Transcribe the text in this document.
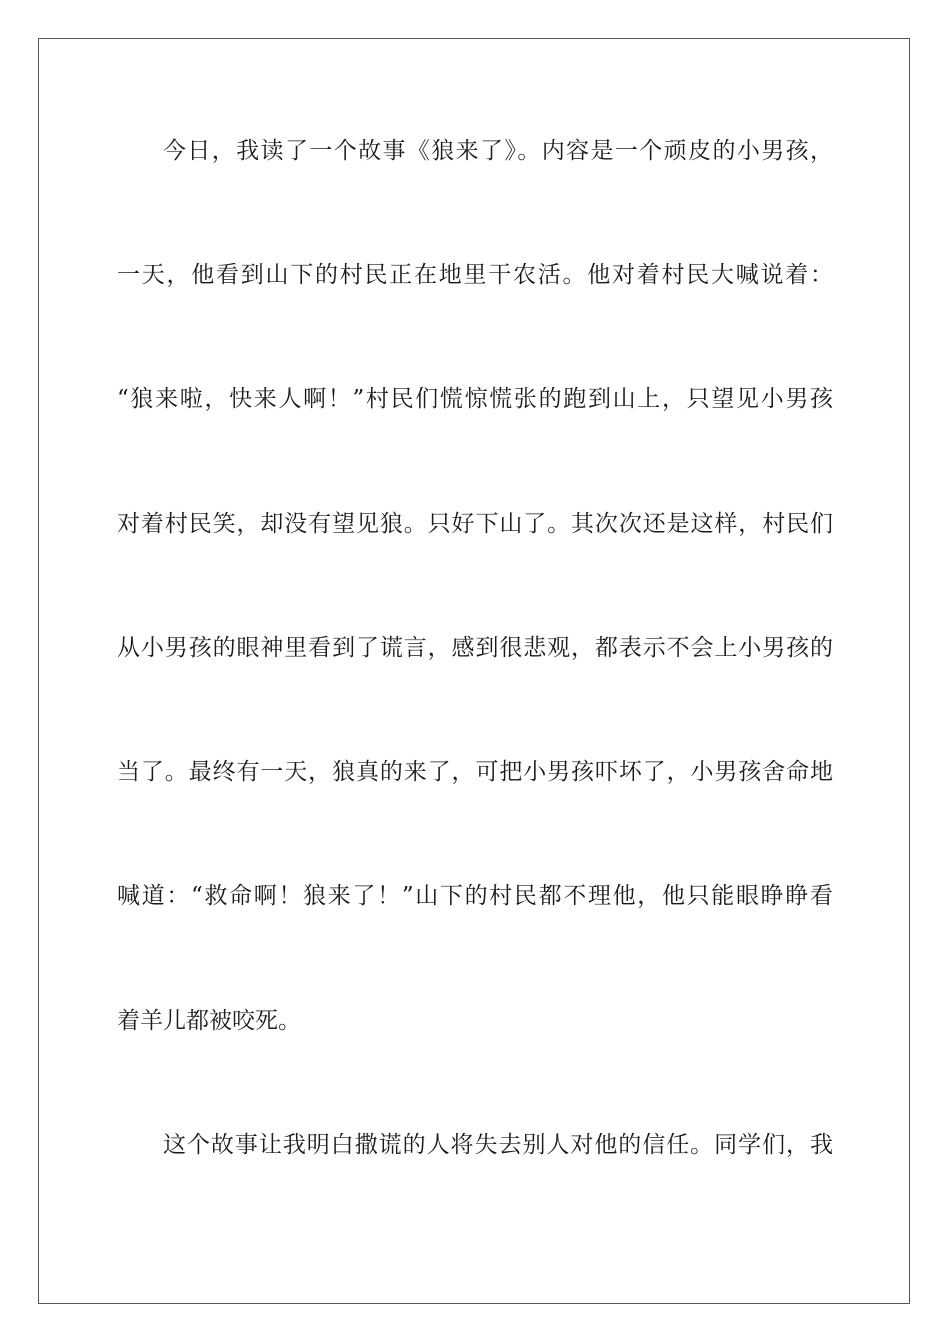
今日，我读了一个故事《狼来了》。内容是一个顽皮的小男孩，
一天，他看到山下的村民正在地里干农活。他对着村民大喊说着：
“狼来啦，快来人啊！”村民们慌惊慌张的跑到山上，只望见小男孩
对着村民笑，却没有望见狼。只好下山了。其次次还是这样，村民们
从小男孩的眼神里看到了谎言，感到很悲观，都表示不会上小男孩的
当了。最终有一天，狼真的来了，可把小男孩吓坏了，小男孩舍命地
喊道：“救命啊！狼来了！”山下的村民都不理他，他只能眼睁睁看
着羊儿都被咬死。
这个故事让我明白撒谎的人将失去别人对他的信任。同学们，我
